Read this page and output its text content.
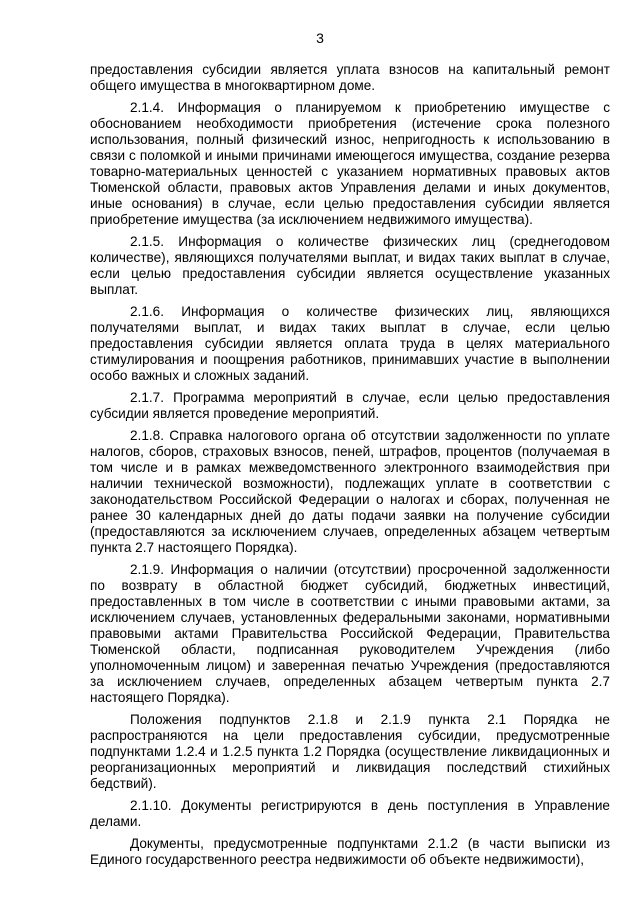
3

предоставления субсидии является уплата взносов на капитальный ремонт общего имущества в многоквартирном доме.

2.1.4. Информация о планируемом к приобретению имуществе с обоснованием необходимости приобретения (истечение срока полезного использования, полный физический износ, непригодность к использованию в связи с поломкой и иными причинами имеющегося имущества, создание резерва товарно-материальных ценностей с указанием нормативных правовых актов Тюменской области, правовых актов Управления делами и иных документов, иные основания) в случае, если целью предоставления субсидии является приобретение имущества (за исключением недвижимого имущества).

2.1.5. Информация о количестве физических лиц (среднегодовом количестве), являющихся получателями выплат, и видах таких выплат в случае, если целью предоставления субсидии является осуществление указанных выплат.

2.1.6. Информация о количестве физических лиц, являющихся получателями выплат, и видах таких выплат в случае, если целью предоставления субсидии является оплата труда в целях материального стимулирования и поощрения работников, принимавших участие в выполнении особо важных и сложных заданий.

2.1.7. Программа мероприятий в случае, если целью предоставления субсидии является проведение мероприятий.

2.1.8. Справка налогового органа об отсутствии задолженности по уплате налогов, сборов, страховых взносов, пеней, штрафов, процентов (получаемая в том числе и в рамках межведомственного электронного взаимодействия при наличии технической возможности), подлежащих уплате в соответствии с законодательством Российской Федерации о налогах и сборах, полученная не ранее 30 календарных дней до даты подачи заявки на получение субсидии (предоставляются за исключением случаев, определенных абзацем четвертым пункта 2.7 настоящего Порядка).

2.1.9. Информация о наличии (отсутствии) просроченной задолженности по возврату в областной бюджет субсидий, бюджетных инвестиций, предоставленных в том числе в соответствии с иными правовыми актами, за исключением случаев, установленных федеральными законами, нормативными правовыми актами Правительства Российской Федерации, Правительства Тюменской области, подписанная руководителем Учреждения (либо уполномоченным лицом) и заверенная печатью Учреждения (предоставляются за исключением случаев, определенных абзацем четвертым пункта 2.7 настоящего Порядка).

Положения подпунктов 2.1.8 и 2.1.9 пункта 2.1 Порядка не распространяются на цели предоставления субсидии, предусмотренные подпунктами 1.2.4 и 1.2.5 пункта 1.2 Порядка (осуществление ликвидационных и реорганизационных мероприятий и ликвидация последствий стихийных бедствий).

2.1.10. Документы регистрируются в день поступления в Управление делами.

Документы, предусмотренные подпунктами 2.1.2 (в части выписки из Единого государственного реестра недвижимости об объекте недвижимости),
